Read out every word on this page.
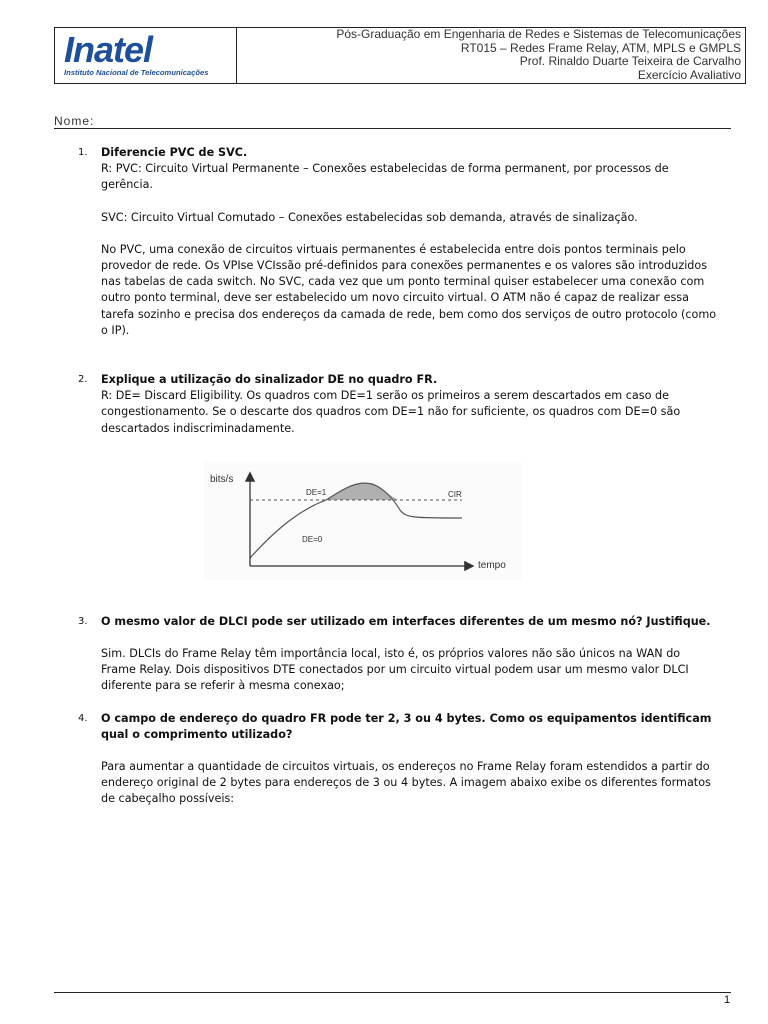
Inatel
Instituto Nacional de Telecomunicações
Pós-Graduação em Engenharia de Redes e Sistemas de Telecomunicações
RT015 – Redes Frame Relay, ATM, MPLS e GMPLS
Prof. Rinaldo Duarte Teixeira de Carvalho
Exercício Avaliativo
Nome:
1.	Diferencie PVC de SVC.

R: PVC: Circuito Virtual Permanente – Conexões estabelecidas de forma permanent, por processos de gerência.

SVC: Circuito Virtual Comutado – Conexões estabelecidas sob demanda, através de sinalização.

No PVC, uma conexão de circuitos virtuais permanentes é estabelecida entre dois pontos terminais pelo provedor de rede. Os VPIse VCIssão pré-definidos para conexões permanentes e os valores são introduzidos nas tabelas de cada switch. No SVC, cada vez que um ponto terminal quiser estabelecer uma conexão com outro ponto terminal, deve ser estabelecido um novo circuito virtual. O ATM não é capaz de realizar essa tarefa sozinho e precisa dos endereços da camada de rede, bem como dos serviços de outro protocolo (como o IP).

2.	Explique a utilização do sinalizador DE no quadro FR.

R: DE= Discard Eligibility. Os quadros com DE=1 serão os primeiros a serem descartados em caso de congestionamento. Se o descarte dos quadros com DE=1 não for suficiente, os quadros com DE=0 são descartados indiscriminadamente.

3.	O mesmo valor de DLCI pode ser utilizado em interfaces diferentes de um mesmo nó? Justifique.

Sim. DLCIs do Frame Relay têm importância local, isto é, os próprios valores não são únicos na WAN do Frame Relay. Dois dispositivos DTE conectados por um circuito virtual podem usar um mesmo valor DLCI diferente para se referir à mesma conexao;

4.	O campo de endereço do quadro FR pode ter 2, 3 ou 4 bytes. Como os equipamentos identificam qual o comprimento utilizado?

Para aumentar a quantidade de circuitos virtuais, os endereços no Frame Relay foram estendidos a partir do endereço original de 2 bytes para endereços de 3 ou 4 bytes. A imagem abaixo exibe os diferentes formatos de cabeçalho possíveis:

bits/s
tempo
CIR
DE=1
DE=0
1
